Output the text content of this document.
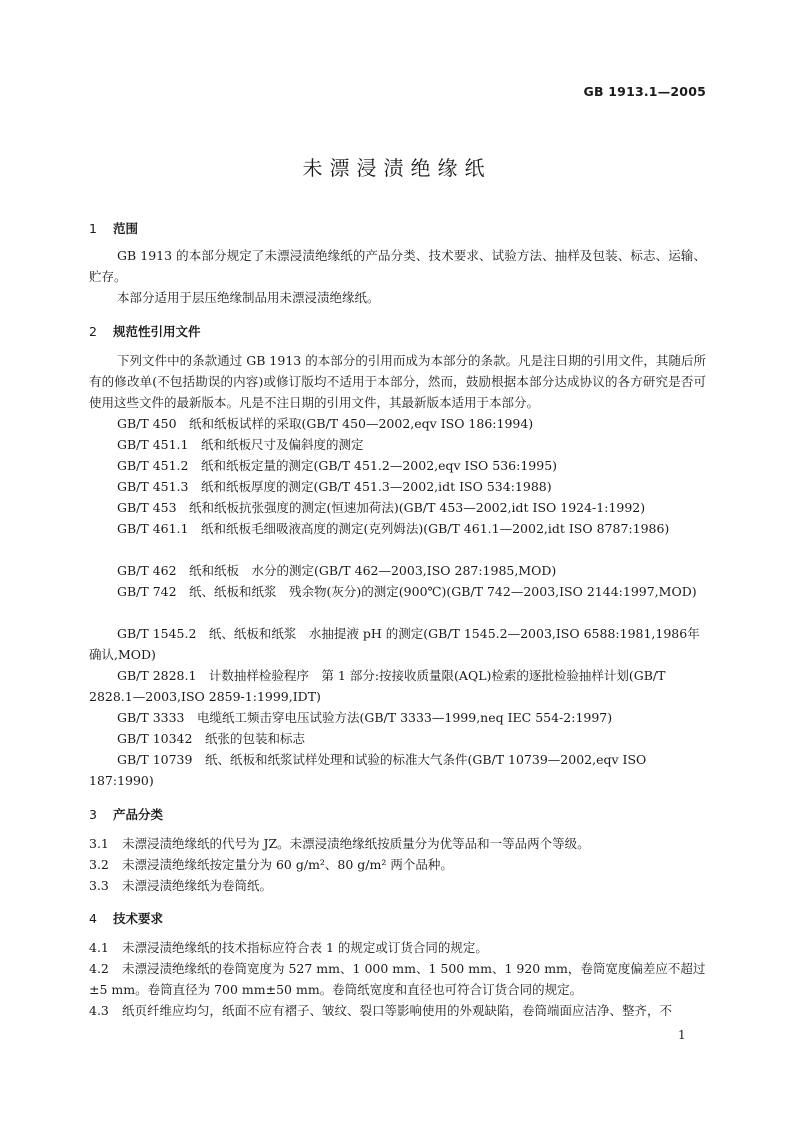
GB 1913.1—2005
未漂浸渍绝缘纸
1 范围
GB 1913 的本部分规定了未漂浸渍绝缘纸的产品分类、技术要求、试验方法、抽样及包装、标志、运输、贮存。
本部分适用于层压绝缘制品用未漂浸渍绝缘纸。
2 规范性引用文件
下列文件中的条款通过 GB 1913 的本部分的引用而成为本部分的条款。凡是注日期的引用文件，其随后所有的修改单(不包括勘误的内容)或修订版均不适用于本部分，然而，鼓励根据本部分达成协议的各方研究是否可使用这些文件的最新版本。凡是不注日期的引用文件，其最新版本适用于本部分。
GB/T 450　纸和纸板试样的采取(GB/T 450—2002,eqv ISO 186:1994)
GB/T 451.1　纸和纸板尺寸及偏斜度的测定
GB/T 451.2　纸和纸板定量的测定(GB/T 451.2—2002,eqv ISO 536:1995)
GB/T 451.3　纸和纸板厚度的测定(GB/T 451.3—2002,idt ISO 534:1988)
GB/T 453　纸和纸板抗张强度的测定(恒速加荷法)(GB/T 453—2002,idt ISO 1924-1:1992)
GB/T 461.1　纸和纸板毛细吸液高度的测定(克列姆法)(GB/T 461.1—2002,idt ISO 8787:1986)
GB/T 462　纸和纸板　水分的测定(GB/T 462—2003,ISO 287:1985,MOD)
GB/T 742　纸、纸板和纸浆　残余物(灰分)的测定(900℃)(GB/T 742—2003,ISO 2144:1997,MOD)
GB/T 1545.2　纸、纸板和纸浆　水抽提液 pH 的测定(GB/T 1545.2—2003,ISO 6588:1981,1986年确认,MOD)
GB/T 2828.1　计数抽样检验程序　第 1 部分:按接收质量限(AQL)检索的逐批检验抽样计划(GB/T 2828.1—2003,ISO 2859-1:1999,IDT)
GB/T 3333　电缆纸工频击穿电压试验方法(GB/T 3333—1999,neq IEC 554-2:1997)
GB/T 10342　纸张的包装和标志
GB/T 10739　纸、纸板和纸浆试样处理和试验的标准大气条件(GB/T 10739—2002,eqv ISO 187:1990)
3 产品分类
3.1 未漂浸渍绝缘纸的代号为 JZ。未漂浸渍绝缘纸按质量分为优等品和一等品两个等级。
3.2 未漂浸渍绝缘纸按定量分为 60 g/m²、80 g/m² 两个品种。
3.3 未漂浸渍绝缘纸为卷筒纸。
4 技术要求
4.1 未漂浸渍绝缘纸的技术指标应符合表 1 的规定或订货合同的规定。
4.2 未漂浸渍绝缘纸的卷筒宽度为 527 mm、1 000 mm、1 500 mm、1 920 mm，卷筒宽度偏差应不超过±5 mm。卷筒直径为 700 mm±50 mm。卷筒纸宽度和直径也可符合订货合同的规定。
4.3 纸页纤维应均匀，纸面不应有褶子、皱纹、裂口等影响使用的外观缺陷，卷筒端面应洁净、整齐，不
1
